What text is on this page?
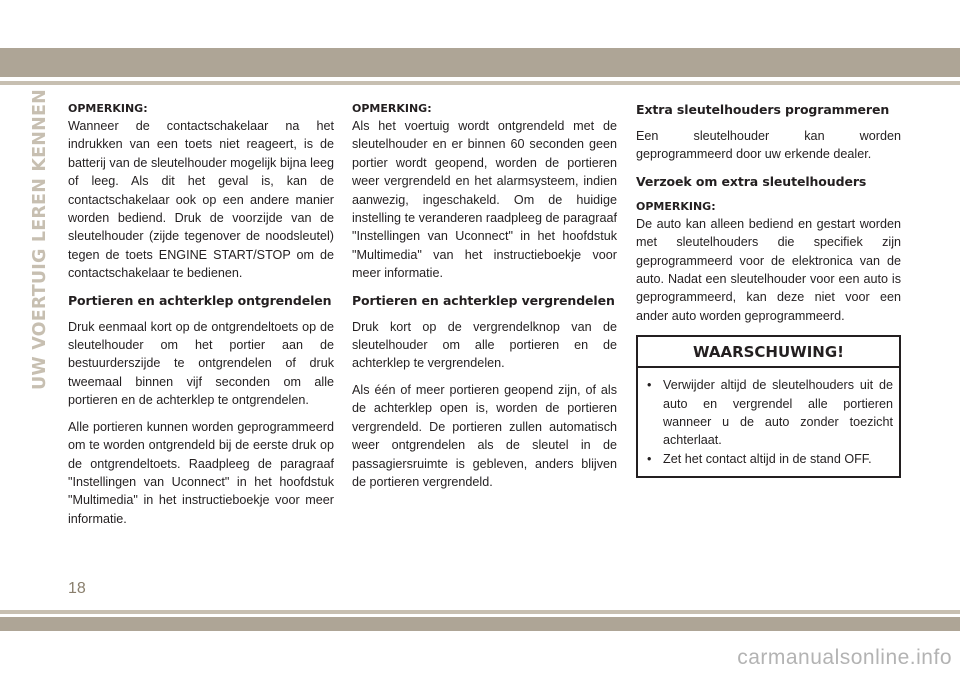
UW VOERTUIG LEREN KENNEN OPMERKING:

Wanneer de contactschakelaar na het indrukken van een toets niet reageert, is de batterij van de sleutelhouder mogelijk bijna leeg of leeg. Als dit het geval is, kan de contactschakelaar ook op een andere manier worden bediend. Druk de voorzijde van de sleutelhouder (zijde tegenover de noodsleutel) tegen de toets ENGINE START/STOP om de contactschakelaar te bedienen.

Portieren en achterklep ontgrendelen

Druk eenmaal kort op de ontgrendeltoets op de sleutelhouder om het portier aan de bestuurderszijde te ontgrendelen of druk tweemaal binnen vijf seconden om alle portieren en de achterklep te ontgrendelen.

Alle portieren kunnen worden geprogrammeerd om te worden ontgrendeld bij de eerste druk op de ontgrendeltoets. Raadpleeg de paragraaf "Instellingen van Uconnect" in het hoofdstuk "Multimedia" in het instructieboekje voor meer informatie.

OPMERKING:

Als het voertuig wordt ontgrendeld met de sleutelhouder en er binnen 60 seconden geen portier wordt geopend, worden de portieren weer vergrendeld en het alarmsysteem, indien aanwezig, ingeschakeld. Om de huidige instelling te veranderen raadpleeg de paragraaf "Instellingen van Uconnect" in het hoofdstuk "Multimedia" van het instructieboekje voor meer informatie.

Portieren en achterklep vergrendelen

Druk kort op de vergrendelknop van de sleutelhouder om alle portieren en de achterklep te vergrendelen.

Als één of meer portieren geopend zijn, of als de achterklep open is, worden de portieren vergrendeld. De portieren zullen automatisch weer ontgrendelen als de sleutel in de passagiersruimte is gebleven, anders blijven de portieren vergrendeld.

Extra sleutelhouders programmeren

Een sleutelhouder kan worden geprogrammeerd door uw erkende dealer.

Verzoek om extra sleutelhouders

OPMERKING:

De auto kan alleen bediend en gestart worden met sleutelhouders die specifiek zijn geprogrammeerd voor de elektronica van de auto. Nadat een sleutelhouder voor een auto is geprogrammeerd, kan deze niet voor een ander auto worden geprogrammeerd.

WAARSCHUWING!
• Verwijder altijd de sleutelhouders uit de auto en vergrendel alle portieren wanneer u de auto zonder toezicht achterlaat.
• Zet het contact altijd in de stand OFF.
18
carmanualsonline.info
